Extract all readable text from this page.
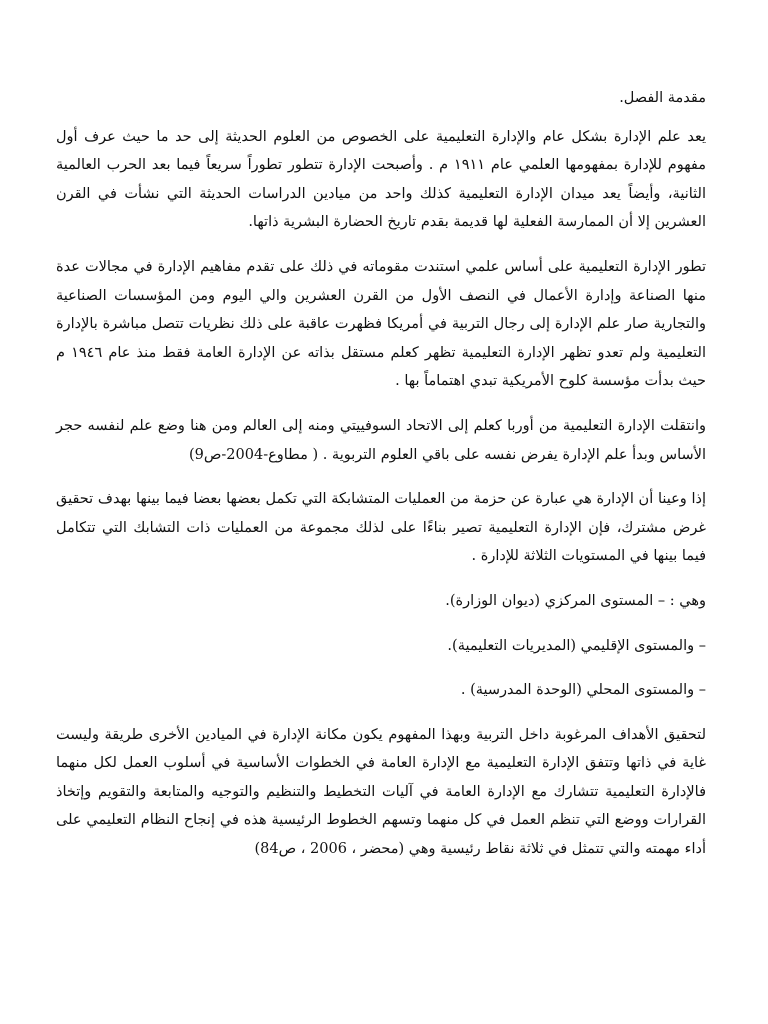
مقدمة الفصل.

يعد علم الإدارة بشكل عام والإدارة التعليمية على الخصوص من العلوم الحديثة إلى حد ما حيث عرف أول مفهوم للإدارة بمفهومها العلمي عام ١٩١١ م . وأصبحت الإدارة تتطور تطوراً سريعاً فيما بعد الحرب العالمية الثانية، وأيضاً يعد ميدان الإدارة التعليمية كذلك واحد من ميادين الدراسات الحديثة التي نشأت في القرن العشرين إلا أن الممارسة الفعلية لها قديمة بقدم تاريخ الحضارة البشرية ذاتها.

تطور الإدارة التعليمية على أساس علمي استندت مقوماته في ذلك على تقدم مفاهيم الإدارة في مجالات عدة منها الصناعة وإدارة الأعمال في النصف الأول من القرن العشرين والي اليوم ومن المؤسسات الصناعية والتجارية صار علم الإدارة إلى رجال التربية في أمريكا فظهرت عاقبة على ذلك نظريات تتصل مباشرة بالإدارة التعليمية ولم تعدو تظهر الإدارة التعليمية تظهر كعلم مستقل بذاته عن الإدارة العامة فقط منذ عام ١٩٤٦ م حيث بدأت مؤسسة كلوح الأمريكية تبدي اهتماماً بها .

وانتقلت الإدارة التعليمية من أوربا كعلم إلى الاتحاد السوفييتي ومنه إلى العالم ومن هنا وضع علم لنفسه حجر الأساس وبدأ علم الإدارة يفرض نفسه على باقي العلوم التربوية . ( مطاوع-2004-ص9)

إذا وعينا أن الإدارة هي عبارة عن حزمة من العمليات المتشابكة التي تكمل بعضها بعضا فيما بينها بهدف تحقيق غرض مشترك، فإن الإدارة التعليمية تصير بناءًا على لذلك مجموعة من العمليات ذات التشابك التي تتكامل فيما بينها في المستويات الثلاثة للإدارة .

وهي : – المستوى المركزي (ديوان الوزارة).

– والمستوى الإقليمي (المديريات التعليمية).

– والمستوى المحلي (الوحدة المدرسية) .

لتحقيق الأهداف المرغوبة داخل التربية وبهذا المفهوم يكون مكانة الإدارة في الميادين الأخرى طريقة وليست غاية في ذاتها وتتفق الإدارة التعليمية مع الإدارة العامة في الخطوات الأساسية في أسلوب العمل لكل منهما فالإدارة التعليمية تتشارك مع الإدارة العامة في آليات التخطيط والتنظيم والتوجيه والمتابعة والتقويم وإتخاذ القرارات ووضع التي تنظم العمل في كل منهما وتسهم الخطوط الرئيسية هذه في إنجاح النظام التعليمي على أداء مهمته والتي تتمثل في ثلاثة نقاط رئيسية وهي (محضر ، 2006 ، ص84)
